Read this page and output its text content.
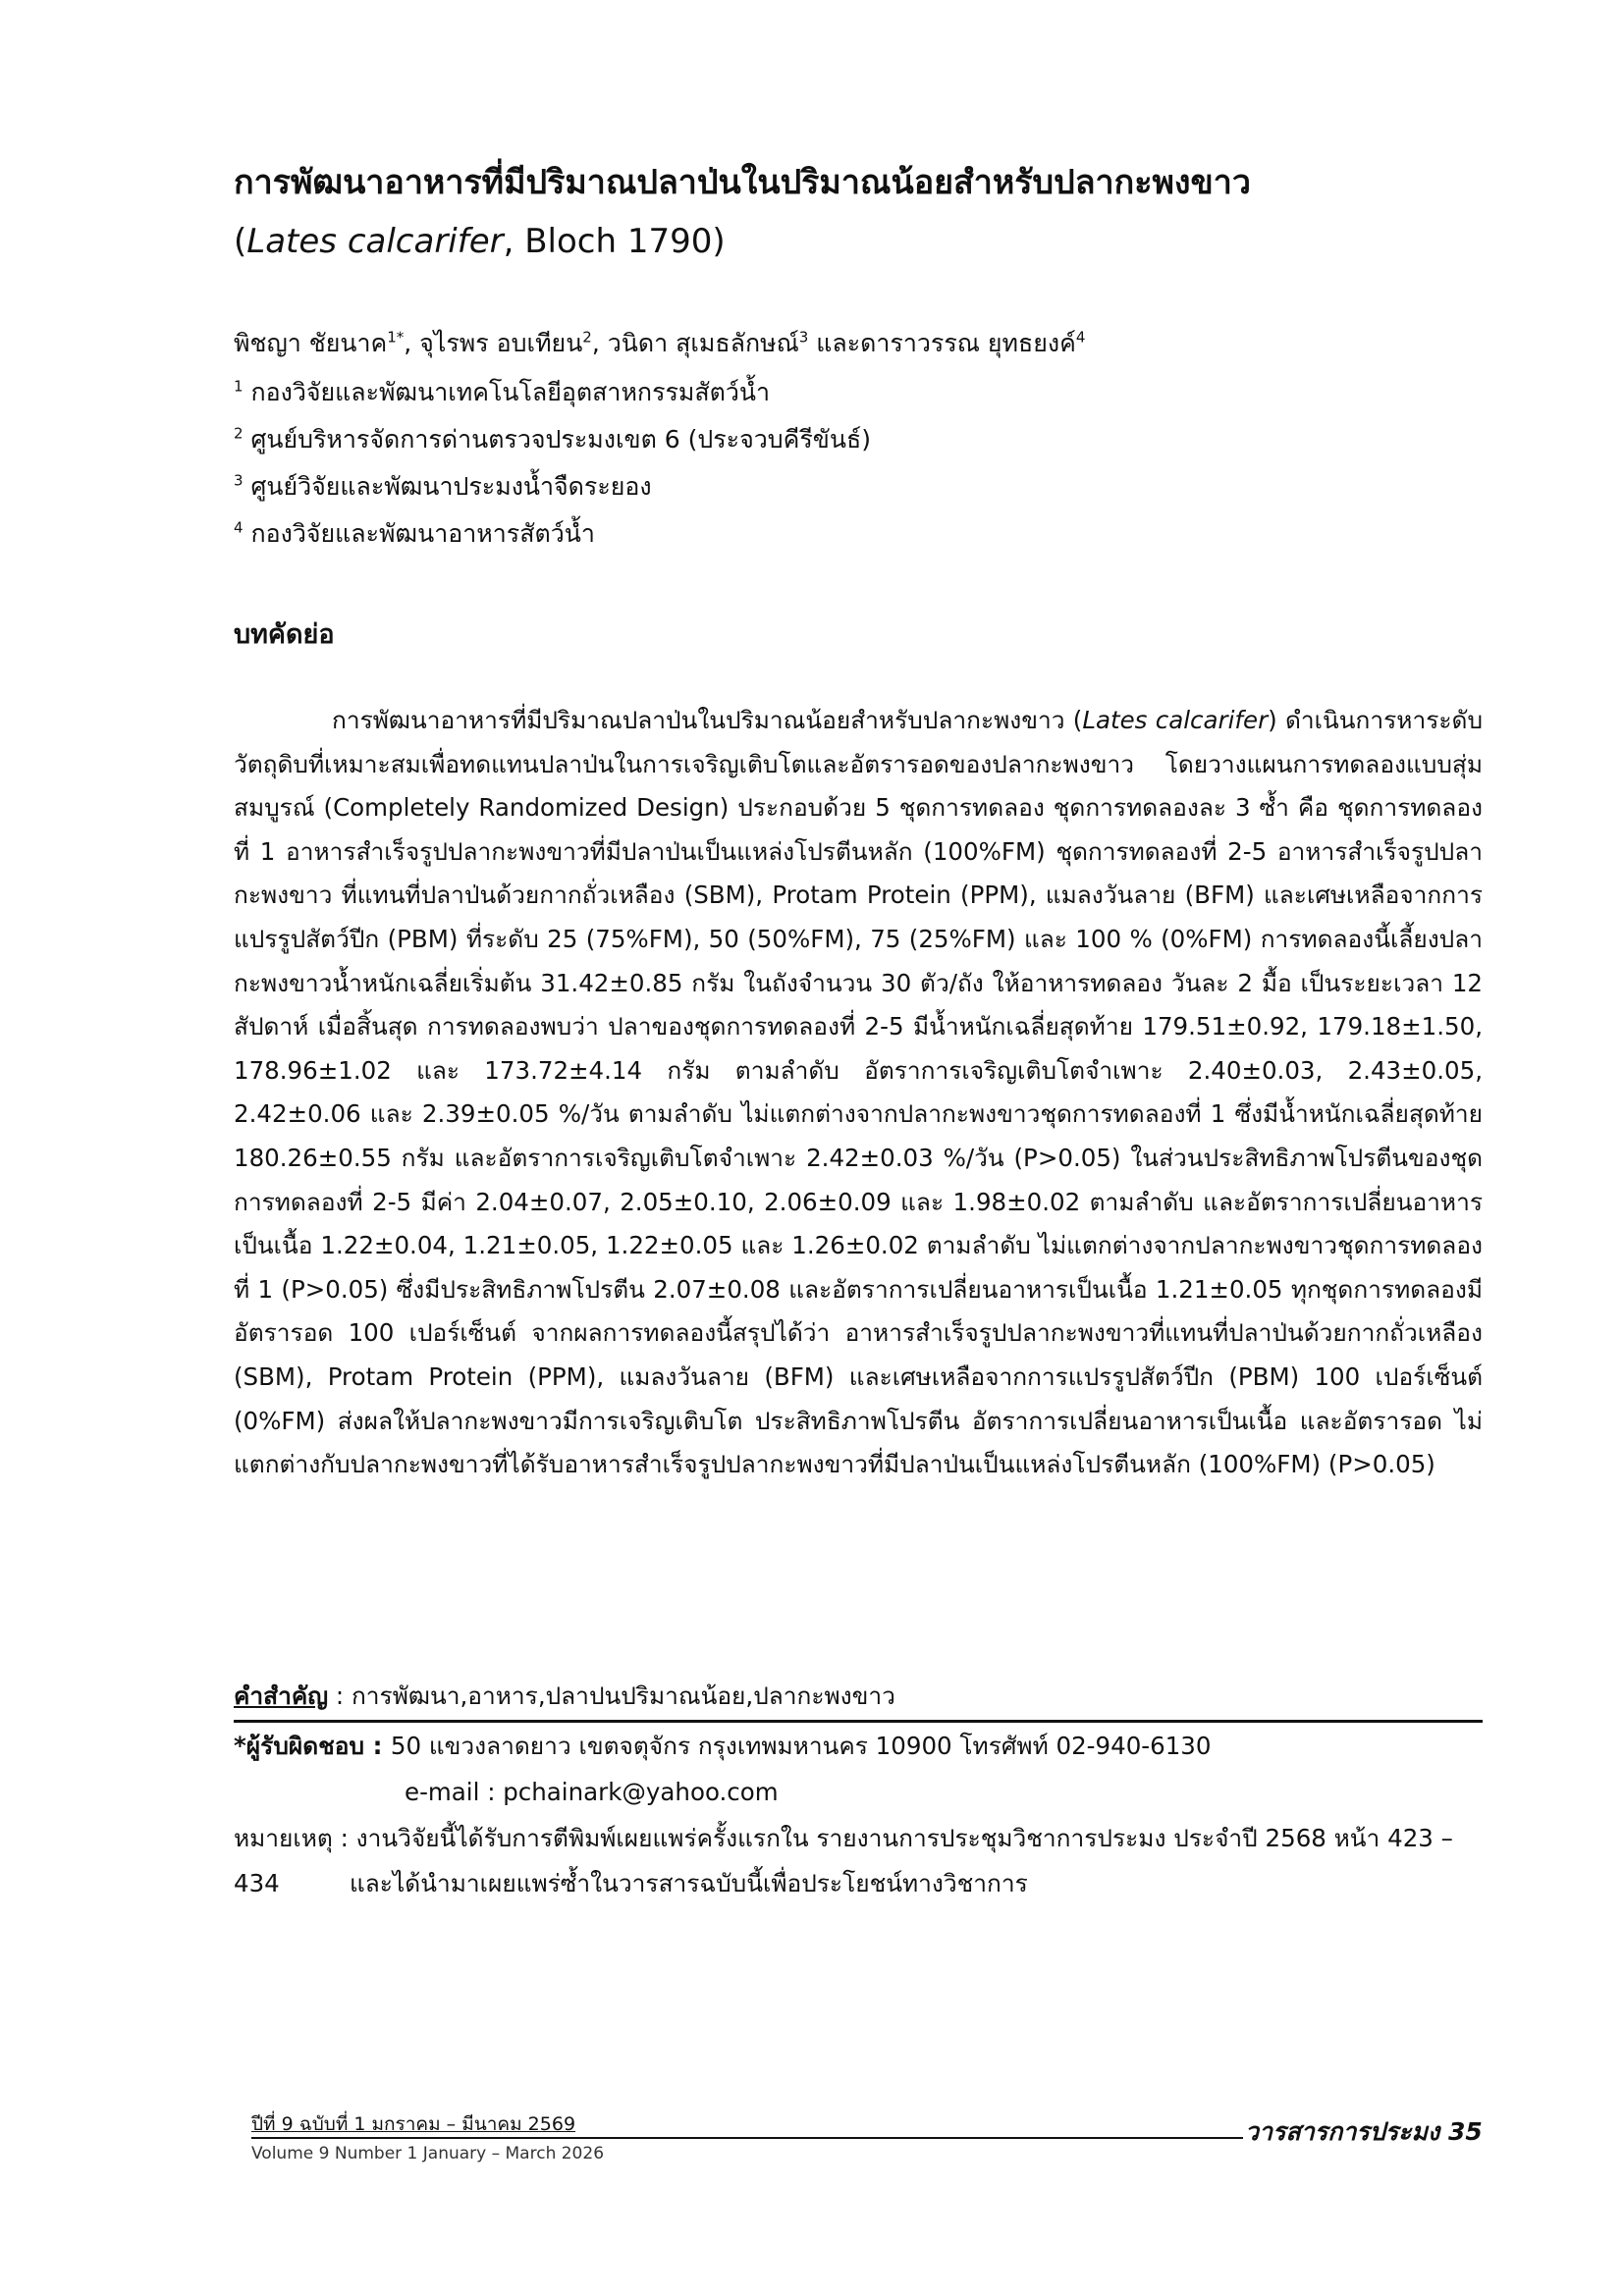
การพัฒนาอาหารที่มีปริมาณปลาป่นในปริมาณน้อยสำหรับปลากะพงขาว
(Lates calcarifer, Bloch 1790)
พิชญา ชัยนาค$^{1*}$, จุไรพร อบเทียน$^2$, วนิดา สุเมธลักษณ์$^3$ และดาราวรรณ ยุทธยงค์$^4$
$^1$ กองวิจัยและพัฒนาเทคโนโลยีอุตสาหกรรมสัตว์น้ำ
$^2$ ศูนย์บริหารจัดการด่านตรวจประมงเขต 6 (ประจวบคีรีขันธ์)
$^3$ ศูนย์วิจัยและพัฒนาประมงน้ำจืดระยอง
$^4$ กองวิจัยและพัฒนาอาหารสัตว์น้ำ
บทคัดย่อ
การพัฒนาอาหารที่มีปริมาณปลาป่นในปริมาณน้อยสำหรับปลากะพงขาว (Lates calcarifer) ดำเนินการหาระดับวัตถุดิบที่เหมาะสมเพื่อทดแทนปลาป่นในการเจริญเติบโตและอัตรารอดของปลากะพงขาว โดยวางแผนการทดลองแบบสุ่มสมบูรณ์ (Completely Randomized Design) ประกอบด้วย 5 ชุดการทดลอง ชุดการทดลองละ 3 ซ้ำ คือ ชุดการทดลองที่ 1 อาหารสำเร็จรูปปลากะพงขาวที่มีปลาป่นเป็นแหล่งโปรตีนหลัก (100%FM) ชุดการทดลองที่ 2-5 อาหารสำเร็จรูปปลากะพงขาว ที่แทนที่ปลาป่นด้วยกากถั่วเหลือง (SBM), Protam Protein (PPM), แมลงวันลาย (BFM) และเศษเหลือจากการแปรรูปสัตว์ปีก (PBM) ที่ระดับ 25 (75%FM), 50 (50%FM), 75 (25%FM) และ 100 % (0%FM) การทดลองนี้เลี้ยงปลากะพงขาวน้ำหนักเฉลี่ยเริ่มต้น 31.42±0.85 กรัม ในถังจำนวน 30 ตัว/ถัง ให้อาหารทดลอง วันละ 2 มื้อ เป็นระยะเวลา 12 สัปดาห์ เมื่อสิ้นสุด การทดลองพบว่า ปลาของชุดการทดลองที่ 2-5 มีน้ำหนักเฉลี่ยสุดท้าย 179.51±0.92, 179.18±1.50, 178.96±1.02 และ 173.72±4.14 กรัม ตามลำดับ อัตราการเจริญเติบโตจำเพาะ 2.40±0.03, 2.43±0.05, 2.42±0.06 และ 2.39±0.05 %/วัน ตามลำดับ ไม่แตกต่างจากปลากะพงขาวชุดการทดลองที่ 1 ซึ่งมีน้ำหนักเฉลี่ยสุดท้าย 180.26±0.55 กรัม และอัตราการเจริญเติบโตจำเพาะ 2.42±0.03 %/วัน (P>0.05) ในส่วนประสิทธิภาพโปรตีนของชุดการทดลองที่ 2-5 มีค่า 2.04±0.07, 2.05±0.10, 2.06±0.09 และ 1.98±0.02 ตามลำดับ และอัตราการเปลี่ยนอาหารเป็นเนื้อ 1.22±0.04, 1.21±0.05, 1.22±0.05 และ 1.26±0.02 ตามลำดับ ไม่แตกต่างจากปลากะพงขาวชุดการทดลองที่ 1 (P>0.05) ซึ่งมีประสิทธิภาพโปรตีน 2.07±0.08 และอัตราการเปลี่ยนอาหารเป็นเนื้อ 1.21±0.05 ทุกชุดการทดลองมีอัตรารอด 100 เปอร์เซ็นต์ จากผลการทดลองนี้สรุปได้ว่า อาหารสำเร็จรูปปลากะพงขาวที่แทนที่ปลาป่นด้วยกากถั่วเหลือง (SBM), Protam Protein (PPM), แมลงวันลาย (BFM) และเศษเหลือจากการแปรรูปสัตว์ปีก (PBM) 100 เปอร์เซ็นต์ (0%FM) ส่งผลให้ปลากะพงขาวมีการเจริญเติบโต ประสิทธิภาพโปรตีน อัตราการเปลี่ยนอาหารเป็นเนื้อ และอัตรารอด ไม่แตกต่างกับปลากะพงขาวที่ได้รับอาหารสำเร็จรูปปลากะพงขาวที่มีปลาป่นเป็นแหล่งโปรตีนหลัก (100%FM) (P>0.05)
คำสำคัญ : การพัฒนา,อาหาร,ปลาปนปริมาณน้อย,ปลากะพงขาว
*ผู้รับผิดชอบ : 50 แขวงลาดยาว เขตจตุจักร กรุงเทพมหานคร 10900 โทรศัพท์ 02-940-6130
e-mail : pchainark@yahoo.com
หมายเหตุ : งานวิจัยนี้ได้รับการตีพิมพ์เผยแพร่ครั้งแรกใน รายงานการประชุมวิชาการประมง ประจำปี 2568 หน้า 423 – 434	และได้นำมาเผยแพร่ซ้ำในวารสารฉบับนี้เพื่อประโยชน์ทางวิชาการ
ปีที่ 9 ฉบับที่ 1 มกราคม – มีนาคม 2569
Volume 9 Number 1 January – March 2026
วารสารการประมง 35
